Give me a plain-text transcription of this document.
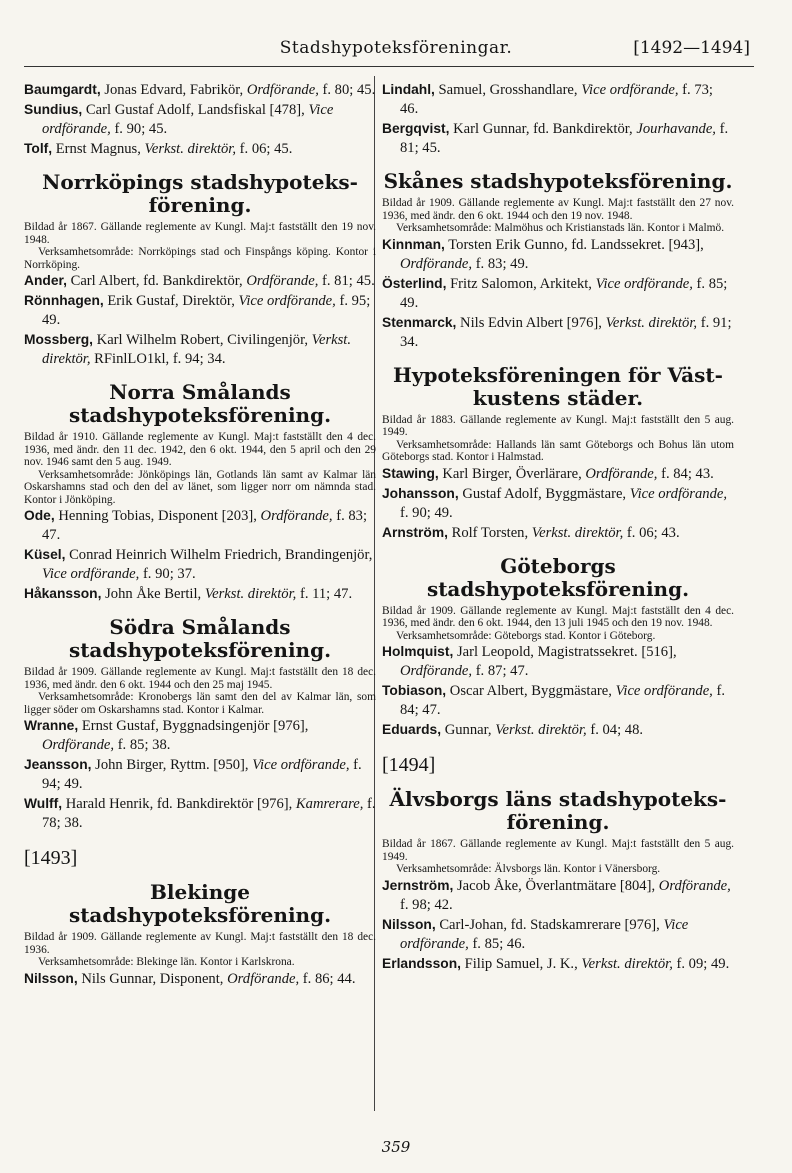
Stadshypoteksföreningar.	[1492—1494]

Baumgardt, Jonas Edvard, Fabrikör, Ordförande, f. 80; 45.

Sundius, Carl Gustaf Adolf, Landsfiskal [478], Vice ordförande, f. 90; 45.

Tolf, Ernst Magnus, Verkst. direktör, f. 06; 45.

Norrköpings stadshypoteksförening.

Bildad år 1867. Gällande reglemente av Kungl. Maj:t fastställt den 19 nov. 1948.

Verksamhetsområde: Norrköpings stad och Finspångs köping. Kontor i Norrköping.

Ander, Carl Albert, fd. Bankdirektör, Ordförande, f. 81; 45.

Rönnhagen, Erik Gustaf, Direktör, Vice ordförande, f. 95; 49.

Mossberg, Karl Wilhelm Robert, Civilingenjör, Verkst. direktör, RFinlLO1kl, f. 94; 34.

Norra Smålands stadshypoteksförening.

Bildad år 1910. Gällande reglemente av Kungl. Maj:t fastställt den 4 dec. 1936, med ändr. den 11 dec. 1942, den 6 okt. 1944, den 5 april och den 29 nov. 1946 samt den 5 aug. 1949.

Verksamhetsområde: Jönköpings län, Gotlands län samt av Kalmar län Oskarshamns stad och den del av länet, som ligger norr om nämnda stad. Kontor i Jönköping.

Ode, Henning Tobias, Disponent [203], Ordförande, f. 83; 47.

Küsel, Conrad Heinrich Wilhelm Friedrich, Brandingenjör, Vice ordförande, f. 90; 37.

Håkansson, John Åke Bertil, Verkst. direktör, f. 11; 47.

Södra Smålands stadshypoteksförening.

Bildad år 1909. Gällande reglemente av Kungl. Maj:t fastställt den 18 dec. 1936, med ändr. den 6 okt. 1944 och den 25 maj 1945.

Verksamhetsområde: Kronobergs län samt den del av Kalmar län, som ligger söder om Oskarshamns stad. Kontor i Kalmar.

Wranne, Ernst Gustaf, Byggnadsingenjör [976], Ordförande, f. 85; 38.

Jeansson, John Birger, Ryttm. [950], Vice ordförande, f. 94; 49.

Wulff, Harald Henrik, fd. Bankdirektör [976], Kamrerare, f. 78; 38.

[1493]
Blekinge stadshypoteksförening.

Bildad år 1909. Gällande reglemente av Kungl. Maj:t fastställt den 18 dec. 1936.

Verksamhetsområde: Blekinge län. Kontor i Karlskrona.

Nilsson, Nils Gunnar, Disponent, Ordförande, f. 86; 44.

Lindahl, Samuel, Grosshandlare, Vice ordförande, f. 73; 46.

Bergqvist, Karl Gunnar, fd. Bankdirektör, Jourhavande, f. 81; 45.

Skånes stadshypoteksförening.

Bildad år 1909. Gällande reglemente av Kungl. Maj:t fastställt den 27 nov. 1936, med ändr. den 6 okt. 1944 och den 19 nov. 1948.

Verksamhetsområde: Malmöhus och Kristianstads län. Kontor i Malmö.

Kinnman, Torsten Erik Gunno, fd. Landssekret. [943], Ordförande, f. 83; 49.

Österlind, Fritz Salomon, Arkitekt, Vice ordförande, f. 85; 49.

Stenmarck, Nils Edvin Albert [976], Verkst. direktör, f. 91; 34.

Hypoteksföreningen för Västkustens städer.

Bildad år 1883. Gällande reglemente av Kungl. Maj:t fastställt den 5 aug. 1949.

Verksamhetsområde: Hallands län samt Göteborgs och Bohus län utom Göteborgs stad. Kontor i Halmstad.

Stawing, Karl Birger, Överlärare, Ordförande, f. 84; 43.

Johansson, Gustaf Adolf, Byggmästare, Vice ordförande, f. 90; 49.

Arnström, Rolf Torsten, Verkst. direktör, f. 06; 43.

Göteborgs stadshypoteksförening.

Bildad år 1909. Gällande reglemente av Kungl. Maj:t fastställt den 4 dec. 1936, med ändr. den 6 okt. 1944, den 13 juli 1945 och den 19 nov. 1948.

Verksamhetsområde: Göteborgs stad. Kontor i Göteborg.

Holmquist, Jarl Leopold, Magistratssekret. [516], Ordförande, f. 87; 47.

Tobiason, Oscar Albert, Byggmästare, Vice ordförande, f. 84; 47.

Eduards, Gunnar, Verkst. direktör, f. 04; 48.

[1494]
Älvsborgs läns stadshypoteksförening.

Bildad år 1867. Gällande reglemente av Kungl. Maj:t fastställt den 5 aug. 1949.

Verksamhetsområde: Älvsborgs län. Kontor i Vänersborg.

Jernström, Jacob Åke, Överlantmätare [804], Ordförande, f. 98; 42.

Nilsson, Carl-Johan, fd. Stadskamrerare [976], Vice ordförande, f. 85; 46.

Erlandsson, Filip Samuel, J. K., Verkst. direktör, f. 09; 49.

359
